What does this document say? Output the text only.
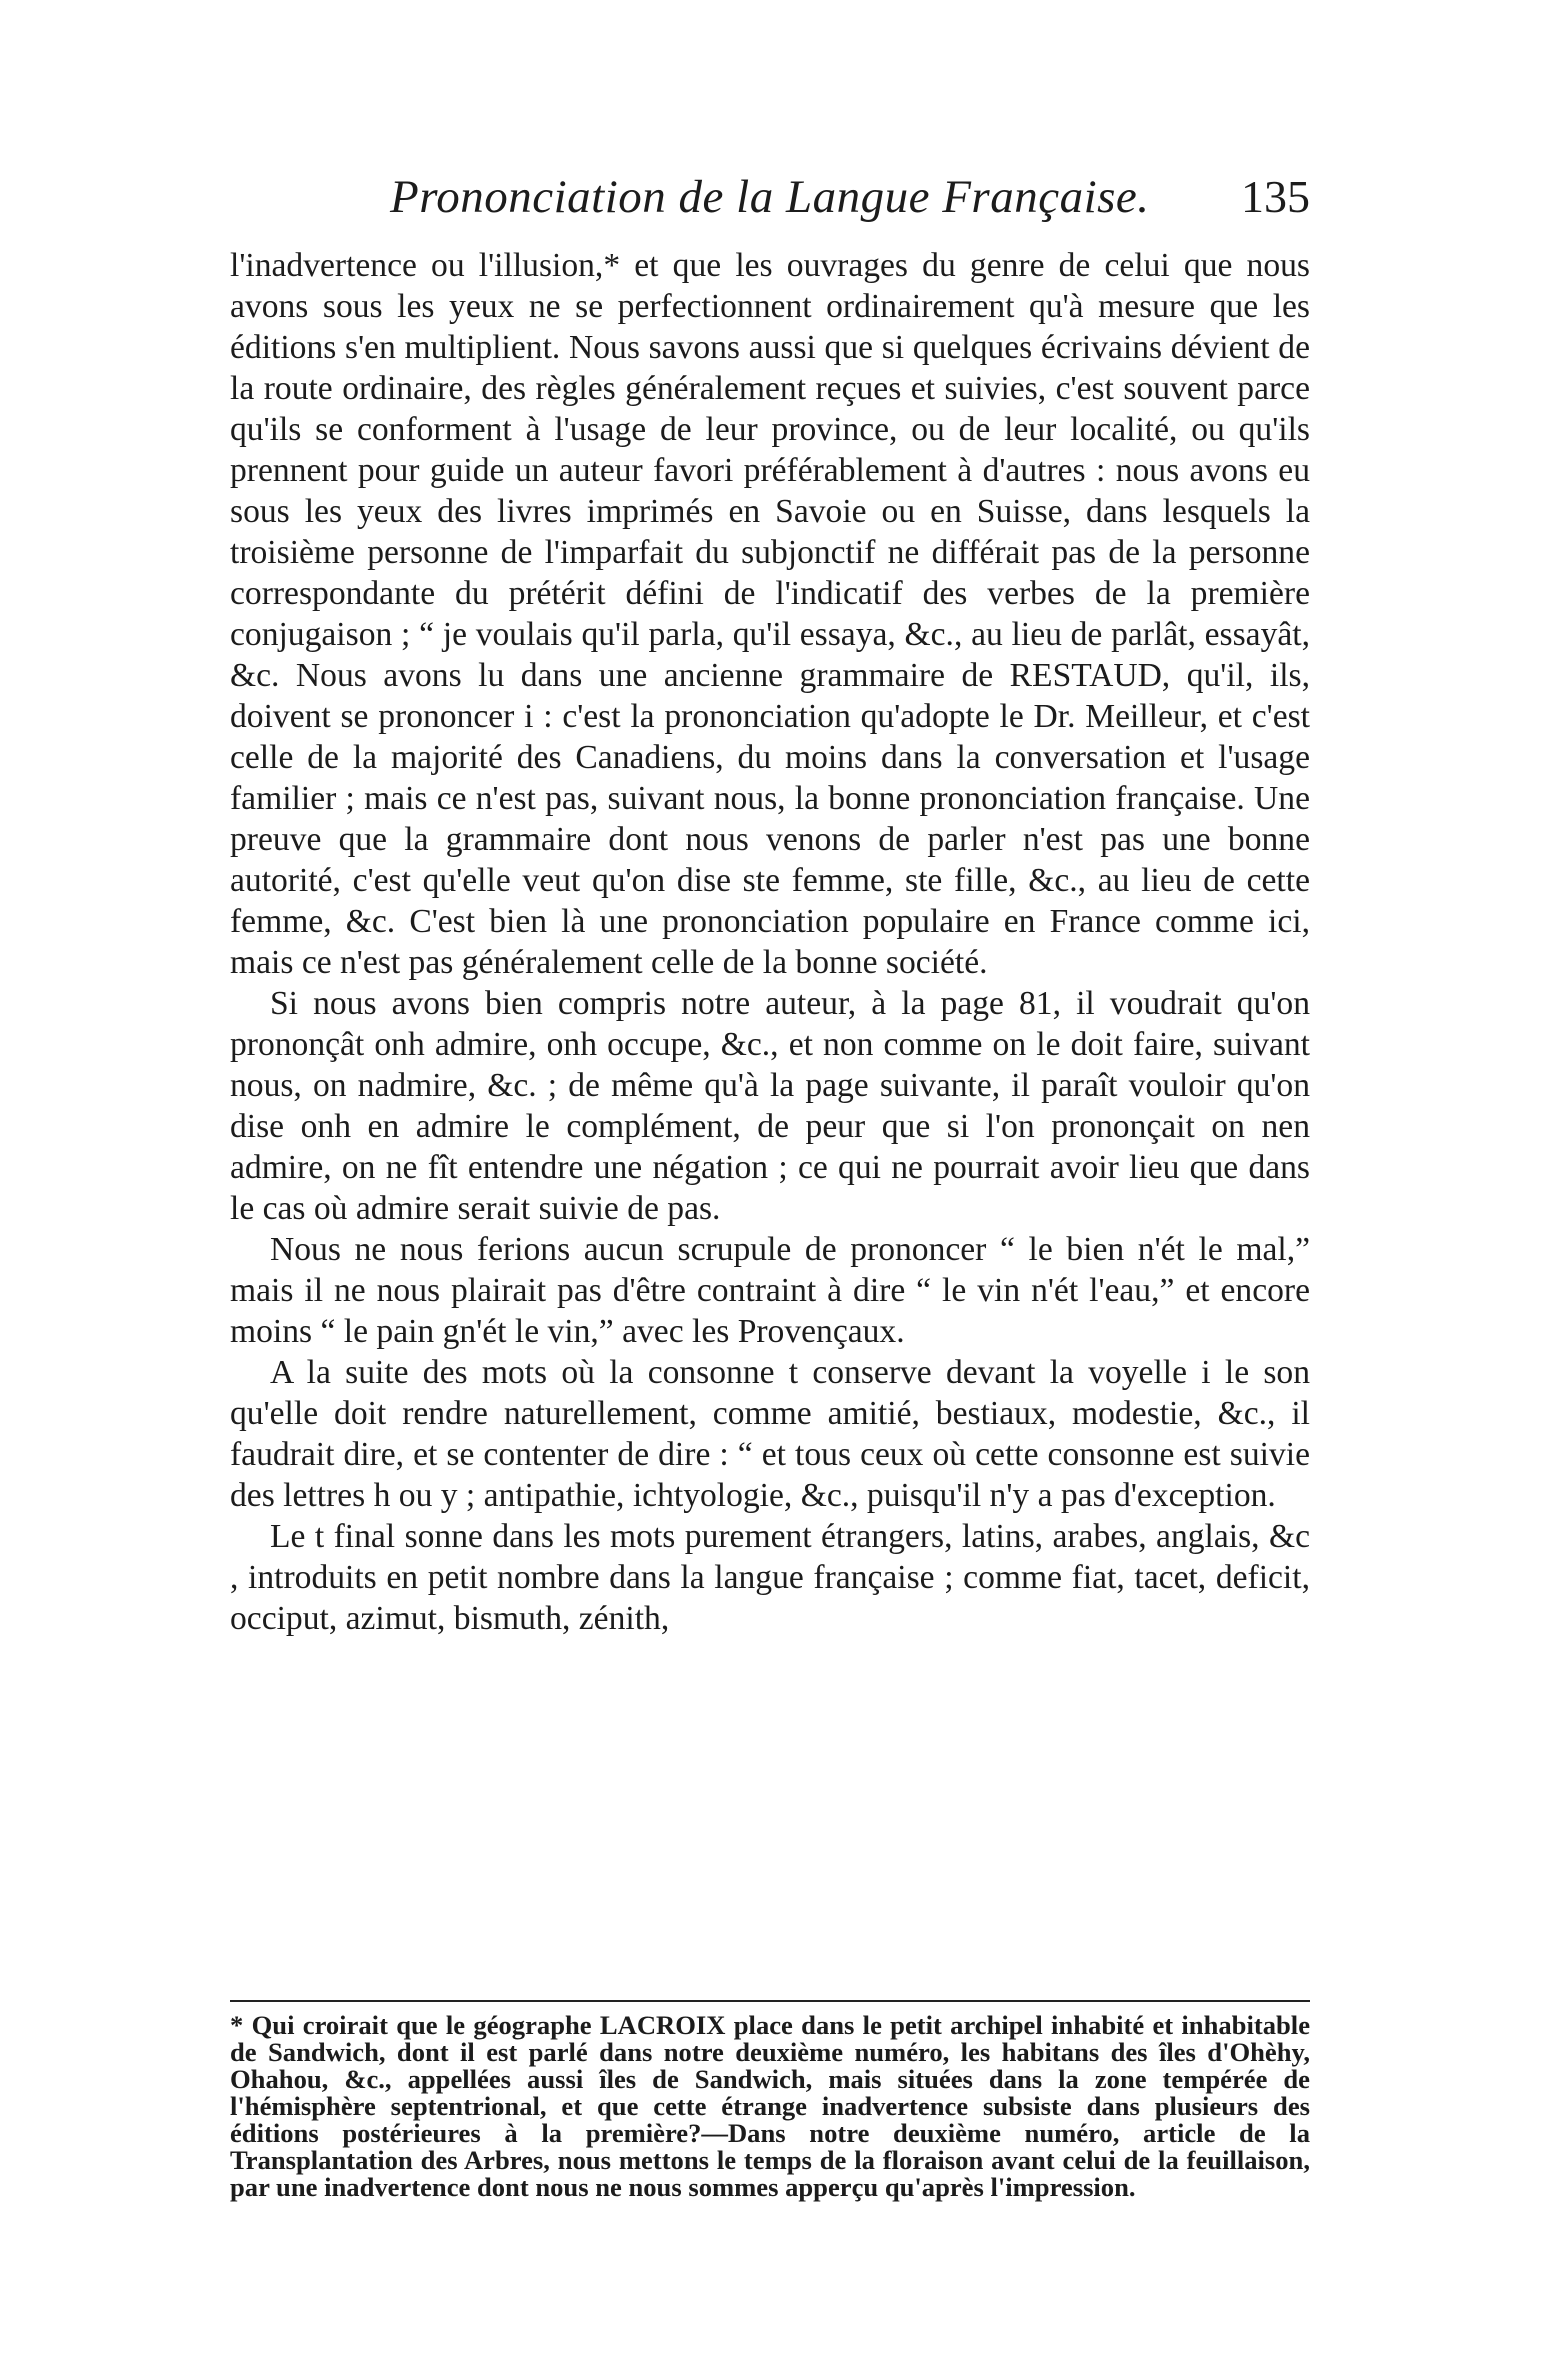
Prononciation de la Langue Française. 135

l'inadvertence ou l'illusion,* et que les ouvrages du genre de celui que nous avons sous les yeux ne se perfectionnent ordinairement qu'à mesure que les éditions s'en multiplient. Nous savons aussi que si quelques écrivains dévient de la route ordinaire, des règles généralement reçues et suivies, c'est souvent parce qu'ils se conforment à l'usage de leur province, ou de leur localité, ou qu'ils prennent pour guide un auteur favori préférablement à d'autres : nous avons eu sous les yeux des livres imprimés en Savoie ou en Suisse, dans lesquels la troisième personne de l'imparfait du subjonctif ne différait pas de la personne correspondante du prétérit défini de l'indicatif des verbes de la première conjugaison ; “ je voulais qu'il parla, qu'il essaya, &c., au lieu de parlât, essayât, &c. Nous avons lu dans une ancienne grammaire de RESTAUD, qu'il, ils, doivent se prononcer i : c'est la prononciation qu'adopte le Dr. Meilleur, et c'est celle de la majorité des Canadiens, du moins dans la conversation et l'usage familier ; mais ce n'est pas, suivant nous, la bonne prononciation française. Une preuve que la grammaire dont nous venons de parler n'est pas une bonne autorité, c'est qu'elle veut qu'on dise ste femme, ste fille, &c., au lieu de cette femme, &c. C'est bien là une prononciation populaire en France comme ici, mais ce n'est pas généralement celle de la bonne société.

Si nous avons bien compris notre auteur, à la page 81, il voudrait qu'on prononçât onh admire, onh occupe, &c., et non comme on le doit faire, suivant nous, on nadmire, &c. ; de même qu'à la page suivante, il paraît vouloir qu'on dise onh en admire le complément, de peur que si l'on prononçait on nen admire, on ne fît entendre une négation ; ce qui ne pourrait avoir lieu que dans le cas où admire serait suivie de pas.

Nous ne nous ferions aucun scrupule de prononcer “ le bien n'ét le mal,” mais il ne nous plairait pas d'être contraint à dire “ le vin n'ét l'eau,” et encore moins “ le pain gn'ét le vin,” avec les Provençaux.

A la suite des mots où la consonne t conserve devant la voyelle i le son qu'elle doit rendre naturellement, comme amitié, bestiaux, modestie, &c., il faudrait dire, et se contenter de dire : “ et tous ceux où cette consonne est suivie des lettres h ou y ; antipathie, ichtyologie, &c., puisqu'il n'y a pas d'exception.

Le t final sonne dans les mots purement étrangers, latins, arabes, anglais, &c , introduits en petit nombre dans la langue française ; comme fiat, tacet, deficit, occiput, azimut, bismuth, zénith,

* Qui croirait que le géographe LACROIX place dans le petit archipel inhabité et inhabitable de Sandwich, dont il est parlé dans notre deuxième numéro, les habitans des îles d'Ohèhy, Ohahou, &c., appellées aussi îles de Sandwich, mais situées dans la zone tempérée de l'hémisphère septentrional, et que cette étrange inadvertence subsiste dans plusieurs des éditions postérieures à la première?—Dans notre deuxième numéro, article de la Transplantation des Arbres, nous mettons le temps de la floraison avant celui de la feuillaison, par une inadvertence dont nous ne nous sommes apperçu qu'après l'impression.
